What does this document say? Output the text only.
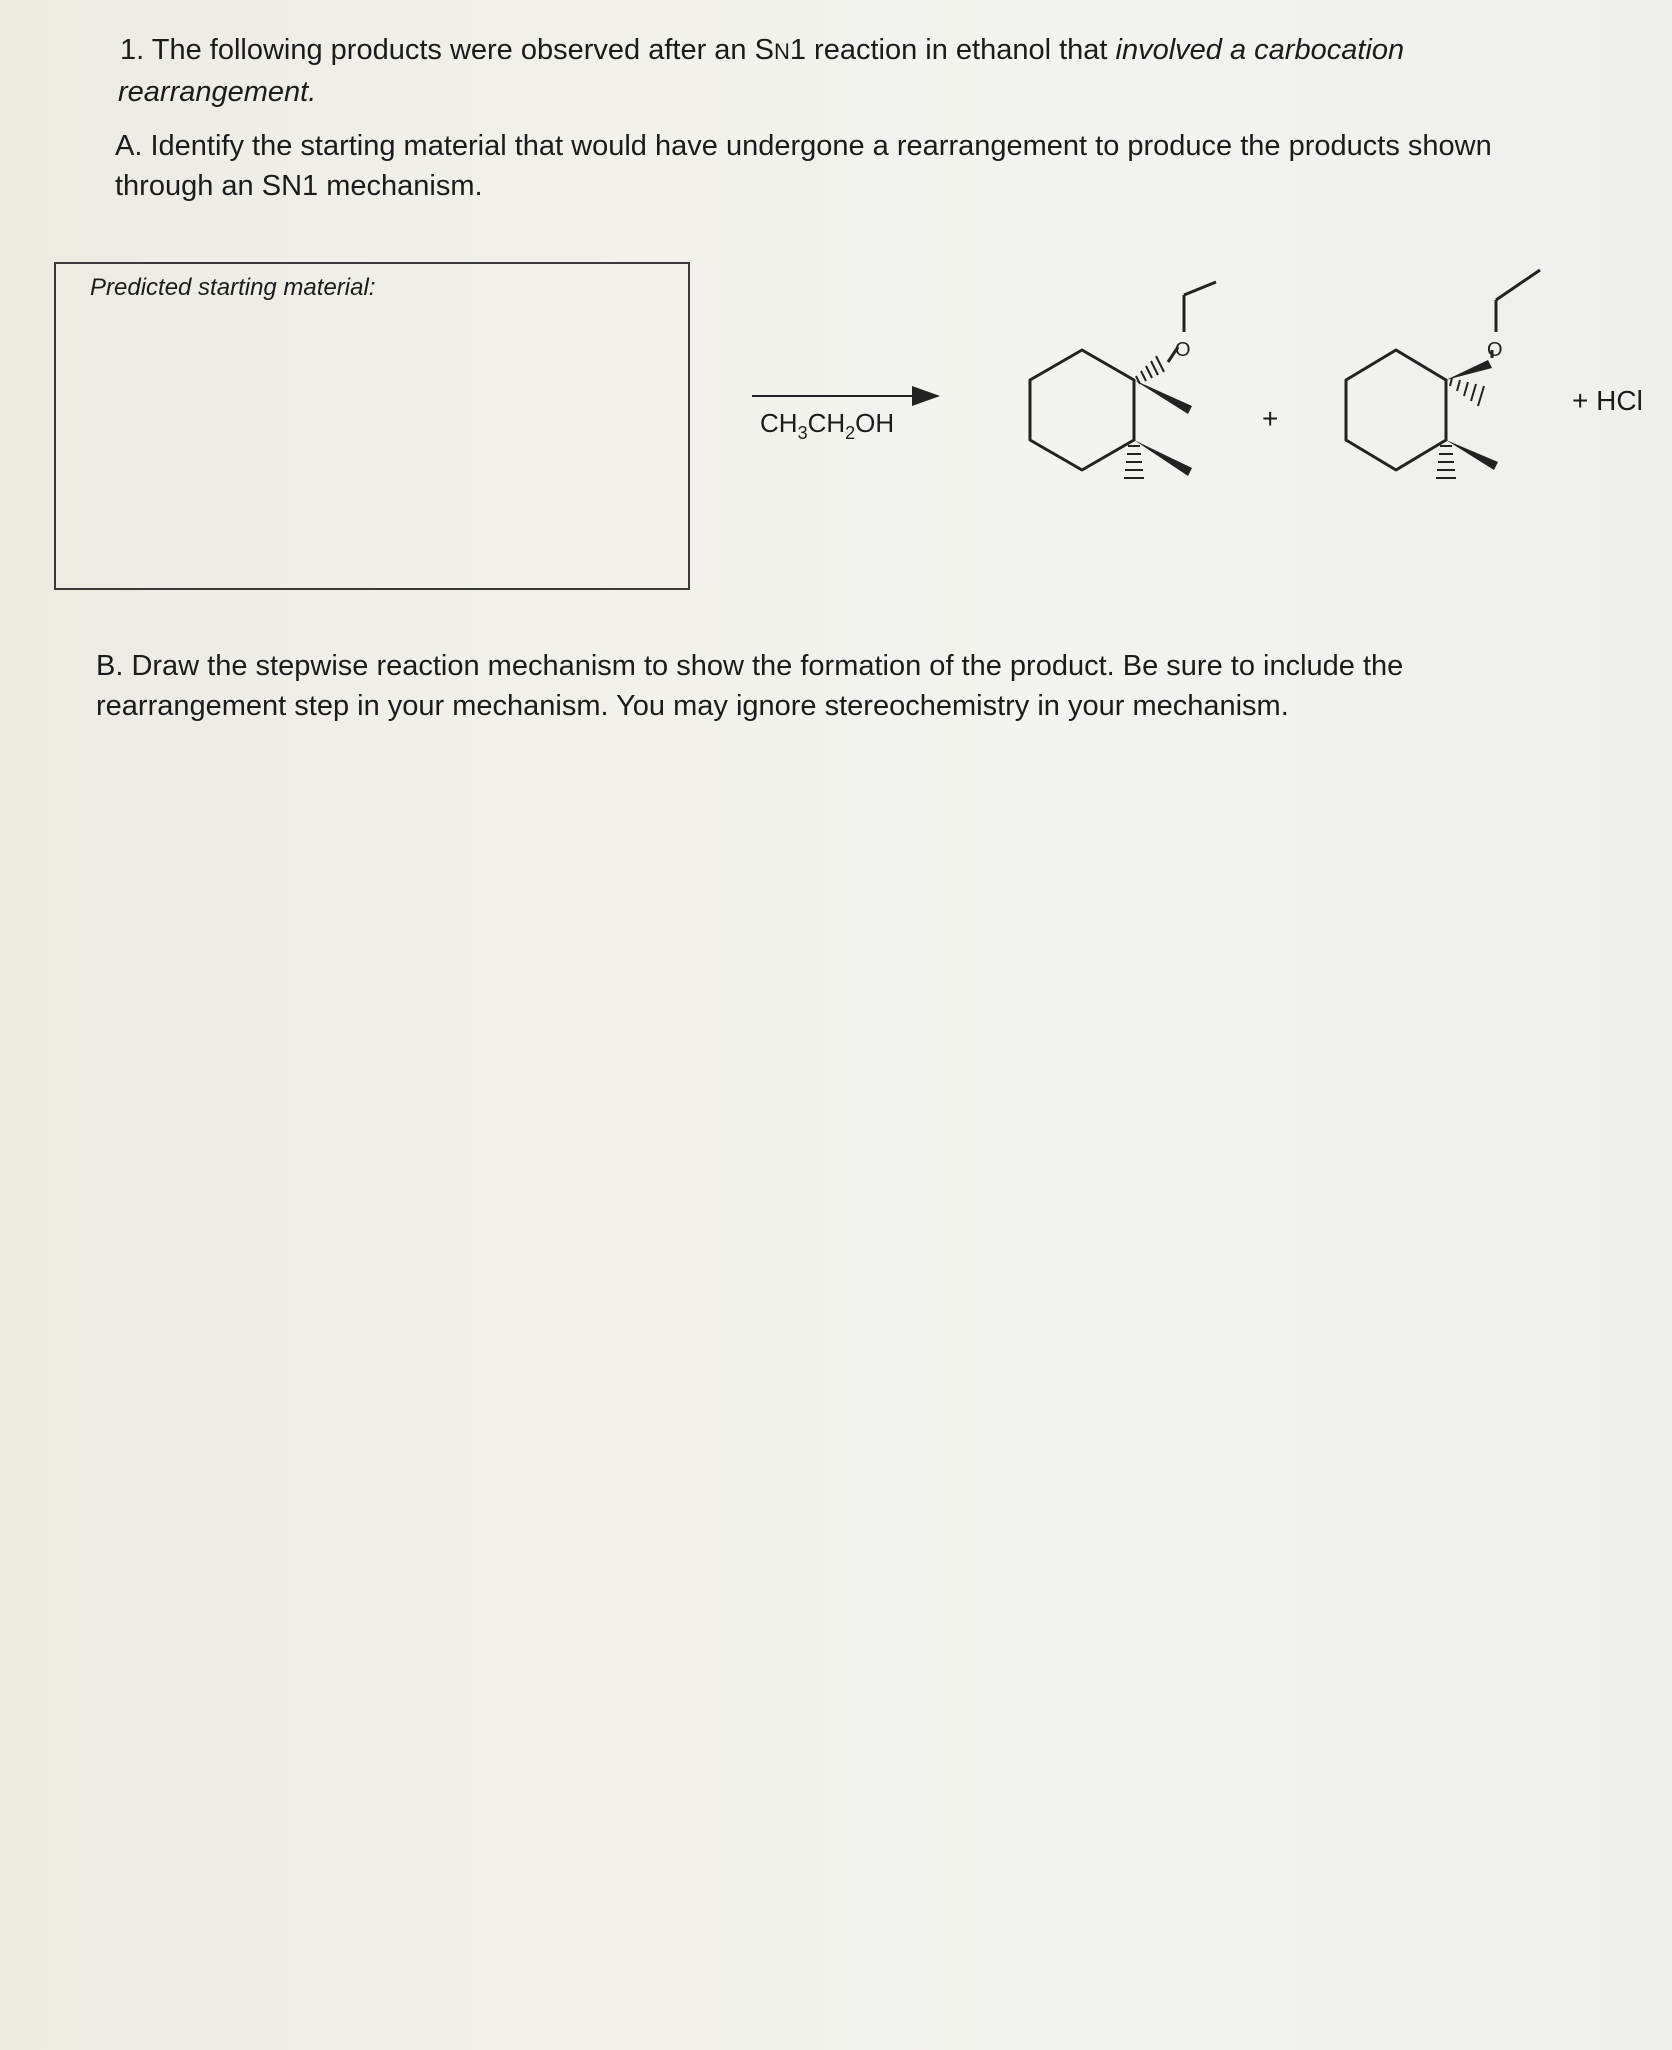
1. The following products were observed after an SN1 reaction in ethanol that involved a carbocation
rearrangement.
A. Identify the starting material that would have undergone a rearrangement to produce the products shown
through an SN1 mechanism.
Predicted starting material:
B. Draw the stepwise reaction mechanism to show the formation of the product. Be sure to include the
rearrangement step in your mechanism. You may ignore stereochemistry in your mechanism.
$CH_3CH_2OH$
O
+
O
+ HCl
